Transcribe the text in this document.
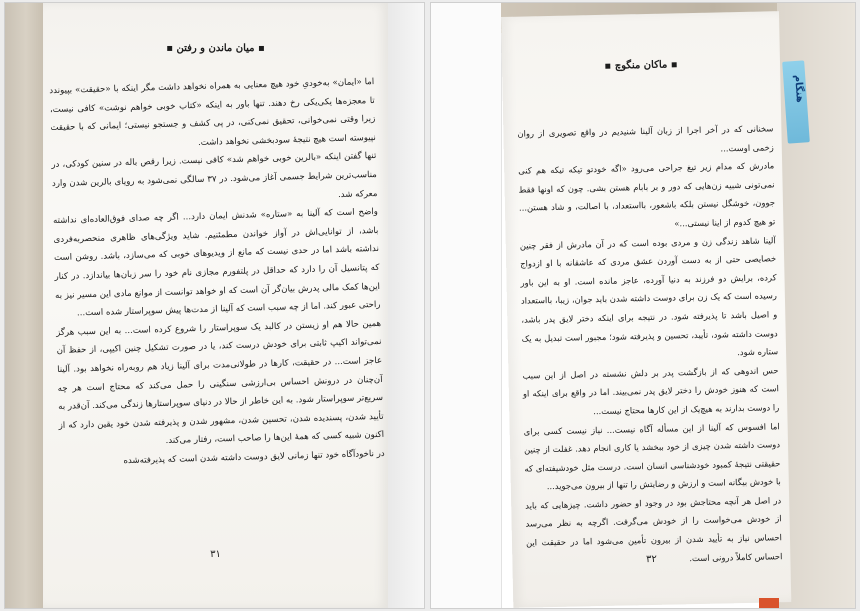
▪ میان ماندن و رفتن ▪

اما «ایمان» به‌خودیِ خود هیچ معنایی به همراه نخواهد داشت مگر اینکه با «حقیقت» بپیوندد تا معجزه‌ها یکی‌یکی رخ دهند. تنها باور به اینکه «کتاب خوبی خواهم نوشت» کافی نیست، زیرا وقتی نمی‌خوانی، تحقیق نمی‌کنی، در پی کشف و جستجو نیستی؛ ایمانی که با حقیقت نپیوسته است هیچ نتیجهٔ سودبخشی نخواهد داشت.

تنها گفتن اینکه «بالرین خوبی خواهم شد» کافی نیست. زیرا رقص باله در سنین کودکی، در مناسب‌ترین شرایط جسمی آغاز می‌شود. در ۳۷ سالگی نمی‌شود به رویای بالرین شدن وارد معرکه شد.

واضح است که آلینا به «ستاره» شدنش ایمان دارد... اگر چه صدای فوق‌العاده‌ای نداشته باشد، از توانایی‌اش در آواز خواندن مطمئنیم. شاید ویژگی‌های ظاهری منحصربه‌فردی نداشته باشد اما در حدی نیست که مانع از ویدیوهای خوبی که می‌سازد، باشد. روشن است که پتانسیل آن را دارد که حداقل در پلتفورم مجازی نام خود را سر زبان‌ها بیاندازد. در کنار این‌ها کمک مالی پدرش بیان‌گر آن است که او خواهد توانست از موانع مادی این مسیر نیز به راحتی عبور کند. اما از چه سبب است که آلینا از مدت‌ها پیش سوپراستار شده است...

همین حالا هم او زیستن در کالبد یک سوپراستار را شروع کرده است... به این سبب هرگز نمی‌تواند اکیپ ثابتی برای خودش درست کند، یا در صورت تشکیل چنین اکیپی، از حفظ آن عاجز است... در حقیقت، کارها در طولانی‌مدت برای آلینا زیاد هم روبه‌راه نخواهد بود. آلینا آن‌چنان در درونش احساس بی‌ارزشی سنگینی را حمل می‌کند که محتاج است هر چه سریع‌تر سوپراستار شود. به این خاطر از حالا در دنیای سوپراستارها زندگی می‌کند. آن‌قدر به تأیید شدن، پسندیده شدن، تحسین شدن، مشهور شدن و پذیرفته شدن خود یقین دارد که از اکنون شبیه کسی که همهٔ این‌ها را صاحب است، رفتار می‌کند.

در ناخودآگاه خود تنها زمانی لایق دوست داشته شدن است که پذیرفته‌شده

۳۱
▪ ماکان منگوچ ▪

سخنانی که در آخر اجرا از زبان آلینا شنیدیم در واقع تصویری از روان زخمی اوست...

مادرش که مدام زیر تیغ جراحی می‌رود «اگه خودتو تیکه تیکه هم کنی نمی‌تونی شبیه زن‌هایی که دور و بر بابام هستن بشی. چون که اونها فقط جوون، خوشگل نیستن بلکه باشعور، بااستعداد، با اصالت، و شاد هستن... تو هیچ کدوم از اینا نیستی...»

آلینا شاهد زندگی زن و مردی بوده است که در آن مادرش از فقر چنین خصایصی حتی از به دست آوردن عشق مردی که عاشقانه با او ازدواج کرده، برایش دو فرزند به دنیا آورده، عاجز مانده است. او به این باور رسیده است که یک زن برای دوست داشته شدن باید جوان، زیبا، بااستعداد و اصیل باشد تا پذیرفته شود. در نتیجه برای اینکه دختر لایق پدر باشد، دوست داشته شود، تأیید، تحسین و پذیرفته شود؛ مجبور است تبدیل به یک ستاره شود.

حس اندوهی که از بازگشت پدر بر دلش نشسته در اصل از این سبب است که هنوز خودش را دختر لایق پدر نمی‌بیند. اما در واقع برای اینکه او را دوست بدارند به هیچ‌یک از این کارها محتاج نیست...

اما افسوس که آلینا از این مسأله آگاه نیست... نیاز نیست کسی برای دوست داشته شدن چیزی از خود ببخشد یا کاری انجام دهد. غفلت از چنین حقیقتی نتیجهٔ کمبود خودشناسی انسان است. درست مثل خودشیفته‌ای که با خودش بیگانه است و ارزش و رضایتش را تنها از بیرون می‌جوید...

در اصل هر آنچه محتاجش بود در وجود او حضور داشت. چیزهایی که باید از خودش می‌خواست را از خودش می‌گرفت. اگرچه به نظر می‌رسد احساس نیاز به تأیید شدن از بیرون تأمین می‌شود اما در حقیقت این احساس کاملاً درونی است.

۳۲
هنگام
